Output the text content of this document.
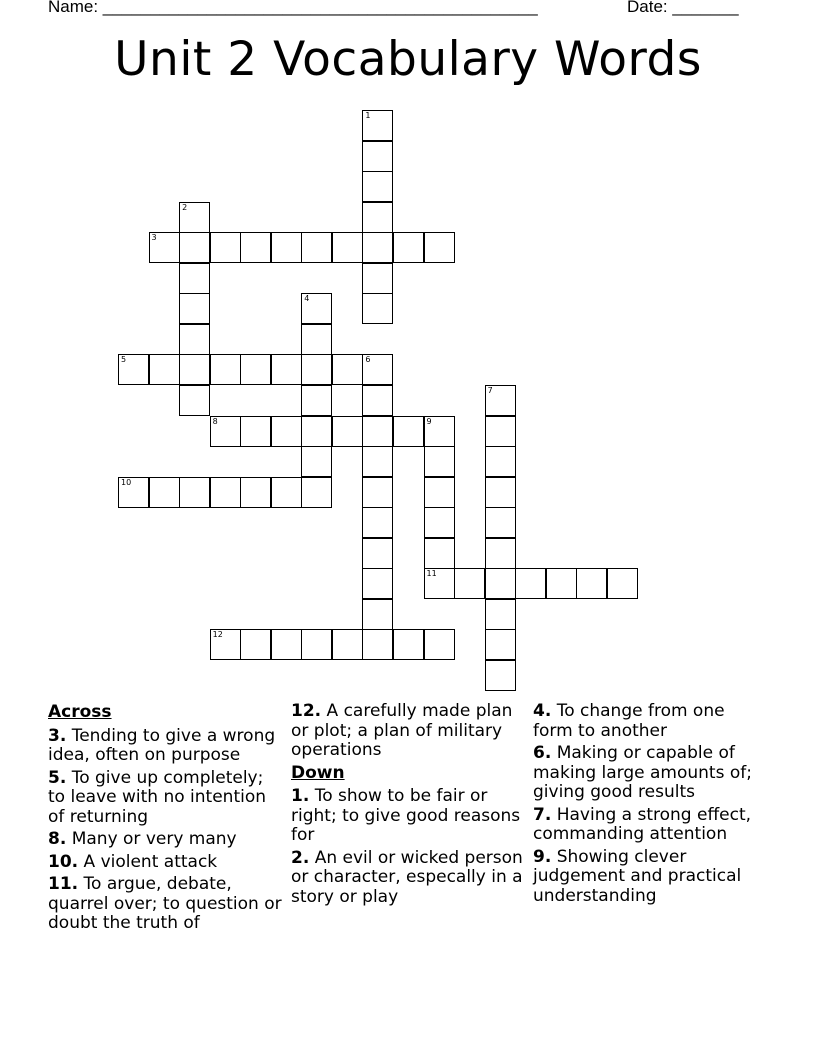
Name: ______________________________________________	Date: _______
Unit 2 Vocabulary Words
1
2
3
4
5	6
7
8	9
11
10
12
Across
3. Tending to give a wrong idea, often on purpose
5. To give up completely; to leave with no intention of returning
8. Many or very many
10. A violent attack
11. To argue, debate, quarrel over; to question or doubt the truth of
12. A carefully made plan or plot; a plan of military operations
Down
1. To show to be fair or right; to give good reasons for
2. An evil or wicked person or character, especally in a story or play
4. To change from one form to another
6. Making or capable of making large amounts of; giving good results
7. Having a strong effect, commanding attention
9. Showing clever judgement and practical understanding
